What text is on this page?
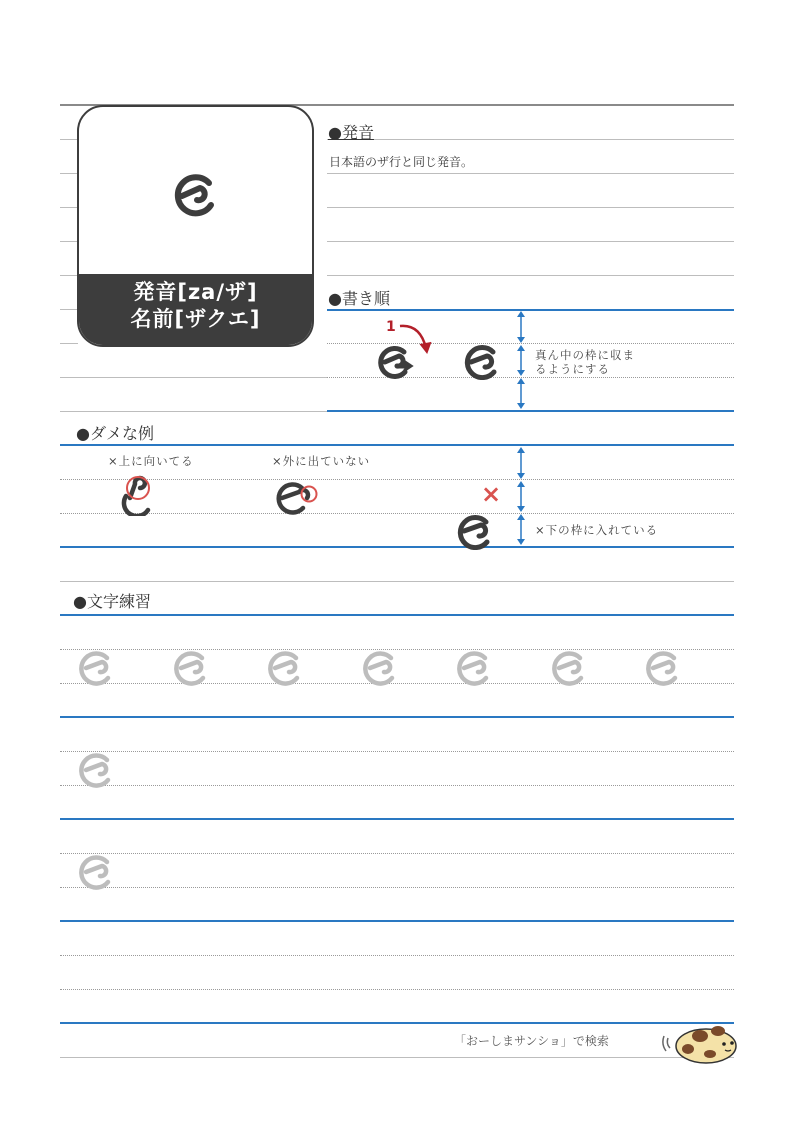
発音[za/ザ]
名前[ザクエ]
●発音
日本語のザ行と同じ発音。
●書き順
1
真ん中の枠に収ま
るようにする
●ダメな例
×上に向いてる	×外に出ていない
×
×下の枠に入れている
●文字練習
「おーしまサンショ」で検索
